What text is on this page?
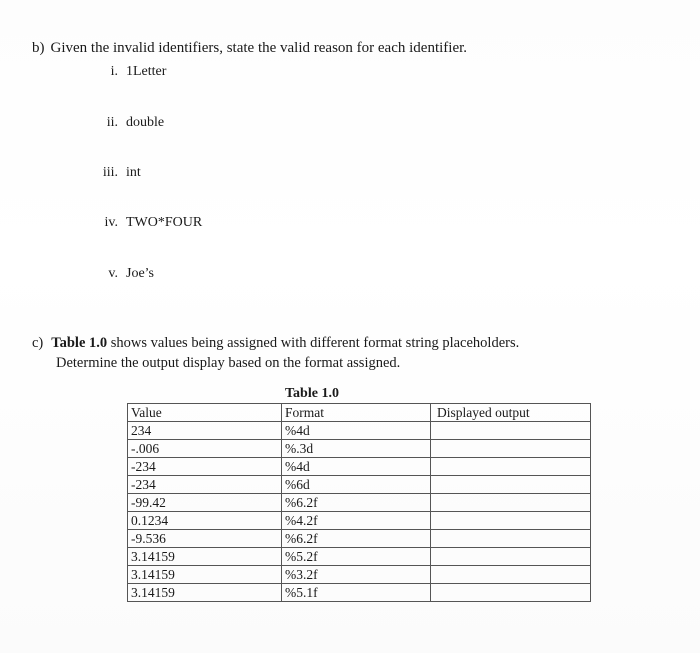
b) Given the invalid identifiers, state the valid reason for each identifier.
i. 1Letter
ii. double
iii. int
iv. TWO*FOUR
v. Joe’s
c) Table 1.0 shows values being assigned with different format string placeholders.
Determine the output display based on the format assigned.
Table 1.0
Value	Format	Displayed output
234	%4d	
-.006	%.3d	
-234	%4d	
-234	%6d	
-99.42	%6.2f	
0.1234	%4.2f	
-9.536	%6.2f	
3.14159	%5.2f	
3.14159	%3.2f	
3.14159	%5.1f	
